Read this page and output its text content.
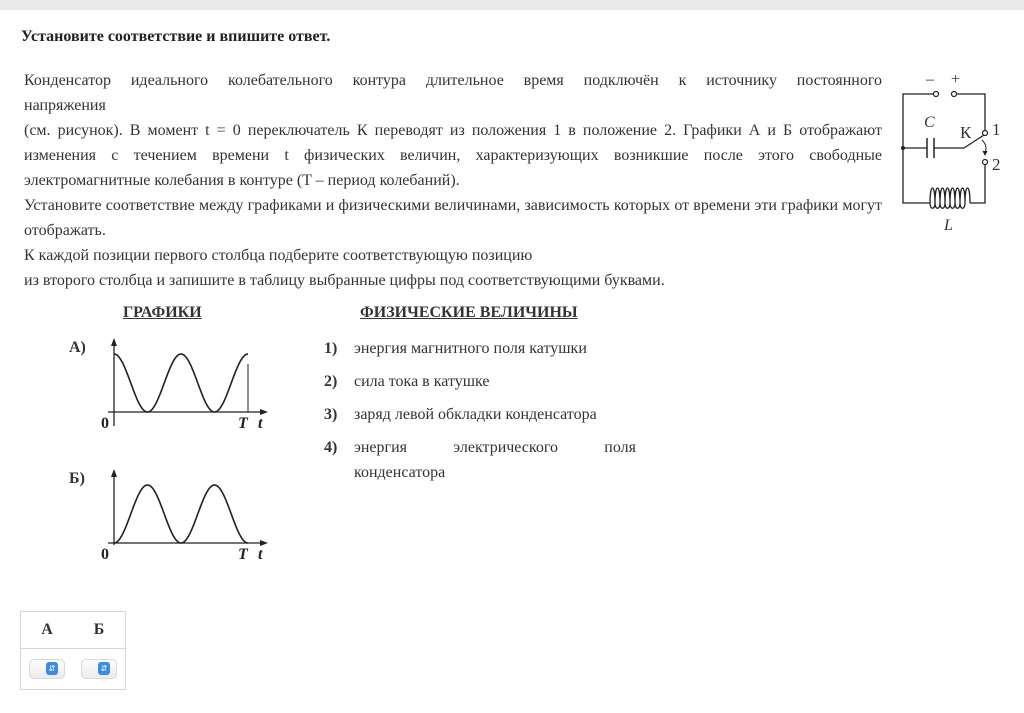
Установите соответствие и впишите ответ.

Конденсатор идеального колебательного контура длительное время подключён к источнику постоянного

напряжения

(см. рисунок). В момент t = 0 переключатель К переводят из положения 1 в положение 2. Графики А и Б отображают изменения с течением времени t физических величин, характеризующих возникшие после этого свободные электромагнитные колебания в контуре (T – период колебаний).

Установите соответствие между графиками и физическими величинами, зависимость которых от времени эти графики могут отображать.

К каждой позиции первого столбца подберите соответствующую позицию

из второго столбца и запишите в таблицу выбранные цифры под соответствующими буквами.

– +
C
К 1
2
L
ГРАФИКИ	ФИЗИЧЕСКИЕ ВЕЛИЧИНЫ
А)
0	T t
Б)
0	T t
1) энергия магнитного поля катушки
2) сила тока в катушке
3) заряд левой обкладки конденсатора
4) энергия электрического поля конденсатора
А	Б

⇵	⇵
